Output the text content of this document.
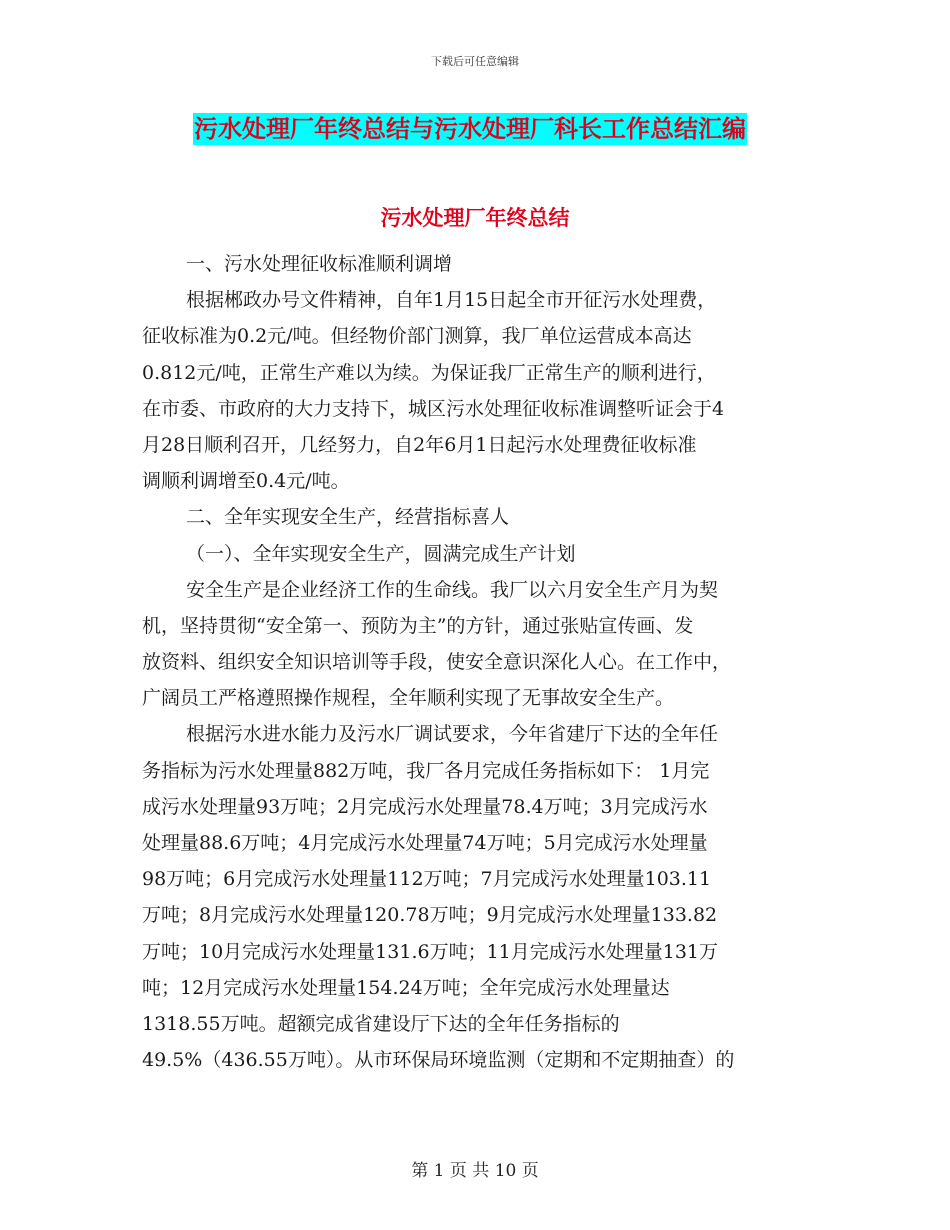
下载后可任意编辑
污水处理厂年终总结与污水处理厂科长工作总结汇编
污水处理厂年终总结
一、污水处理征收标准顺利调增
根据郴政办号文件精神，自年1月15日起全市开征污水处理费，
征收标准为0.2元/吨。但经物价部门测算，我厂单位运营成本高达
0.812元/吨，正常生产难以为续。为保证我厂正常生产的顺利进行，
在市委、市政府的大力支持下，城区污水处理征收标准调整听证会于4
月28日顺利召开，几经努力，自2年6月1日起污水处理费征收标准
调顺利调增至0.4元/吨。
二、全年实现安全生产，经营指标喜人
（一）、全年实现安全生产，圆满完成生产计划
安全生产是企业经济工作的生命线。我厂以六月安全生产月为契
机，坚持贯彻“安全第一、预防为主”的方针，通过张贴宣传画、发
放资料、组织安全知识培训等手段，使安全意识深化人心。在工作中，
广阔员工严格遵照操作规程，全年顺利实现了无事故安全生产。
根据污水进水能力及污水厂调试要求，今年省建厅下达的全年任
务指标为污水处理量882万吨，我厂各月完成任务指标如下： 1月完
成污水处理量93万吨；2月完成污水处理量78.4万吨；3月完成污水
处理量88.6万吨；4月完成污水处理量74万吨；5月完成污水处理量
98万吨；6月完成污水处理量112万吨；7月完成污水处理量103.11
万吨；8月完成污水处理量120.78万吨；9月完成污水处理量133.82
万吨；10月完成污水处理量131.6万吨；11月完成污水处理量131万
吨；12月完成污水处理量154.24万吨；全年完成污水处理量达
1318.55万吨。超额完成省建设厅下达的全年任务指标的
49.5%（436.55万吨）。从市环保局环境监测（定期和不定期抽查）的
第 1 页 共 10 页
